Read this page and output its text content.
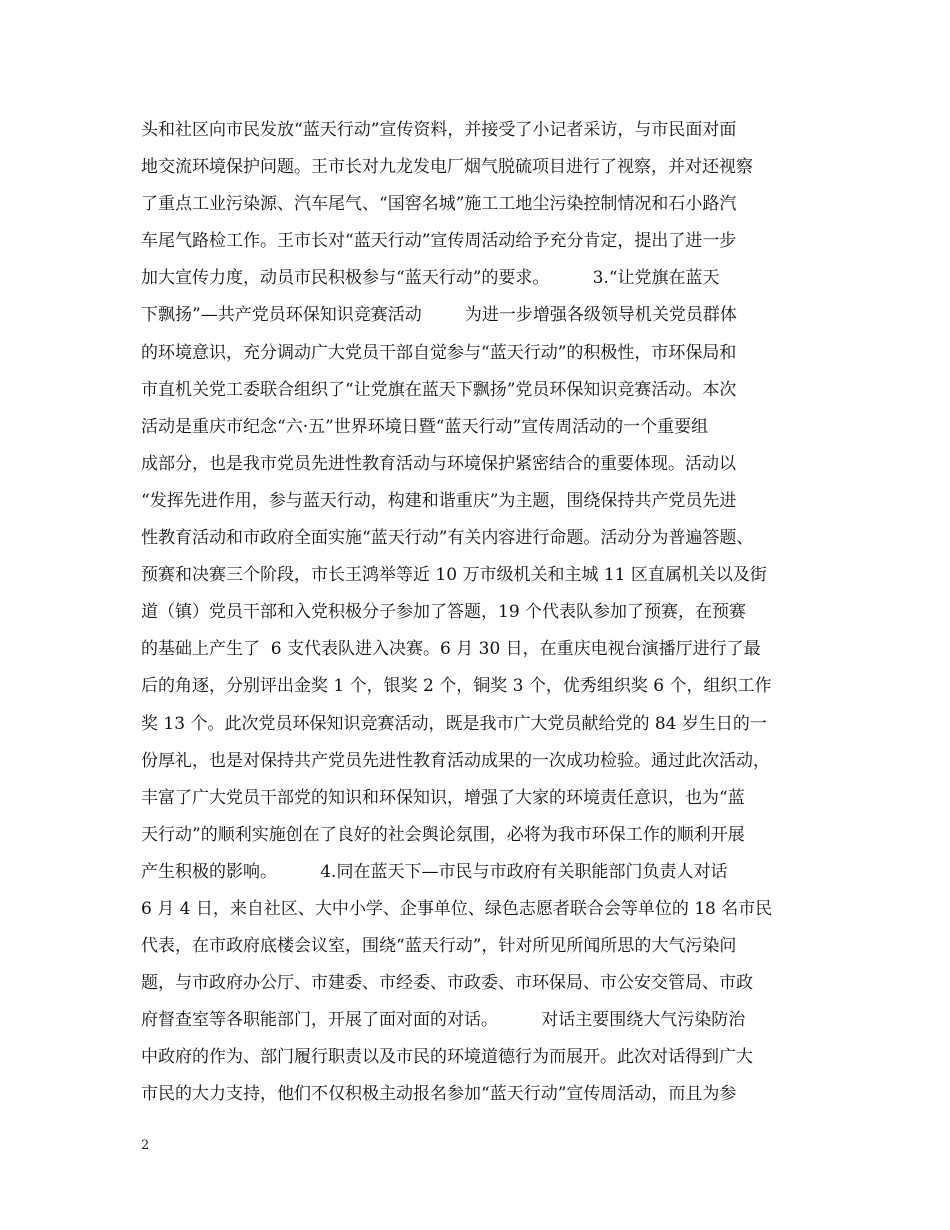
头和社区向市民发放“蓝天行动”宣传资料，并接受了小记者采访，与市民面对面
地交流环境保护问题。王市长对九龙发电厂烟气脱硫项目进行了视察，并对还视察
了重点工业污染源、汽车尾气、“国窖名城”施工工地尘污染控制情况和石小路汽
车尾气路检工作。王市长对“蓝天行动”宣传周活动给予充分肯定，提出了进一步
加大宣传力度，动员市民积极参与“蓝天行动”的要求。        3.“让党旗在蓝天
下飘扬”—共产党员环保知识竞赛活动        为进一步增强各级领导机关党员群体
的环境意识，充分调动广大党员干部自觉参与“蓝天行动”的积极性，市环保局和
市直机关党工委联合组织了“让党旗在蓝天下飘扬”党员环保知识竞赛活动。本次
活动是重庆市纪念“六·五”世界环境日暨“蓝天行动”宣传周活动的一个重要组
成部分，也是我市党员先进性教育活动与环境保护紧密结合的重要体现。活动以
“发挥先进作用，参与蓝天行动，构建和谐重庆”为主题，围绕保持共产党员先进
性教育活动和市政府全面实施“蓝天行动”有关内容进行命题。活动分为普遍答题、
预赛和决赛三个阶段，市长王鸿举等近 10 万市级机关和主城 11 区直属机关以及街
道（镇）党员干部和入党积极分子参加了答题，19 个代表队参加了预赛，在预赛
的基础上产生了  6 支代表队进入决赛。6 月 30 日，在重庆电视台演播厅进行了最
后的角逐，分别评出金奖 1 个，银奖 2 个，铜奖 3 个，优秀组织奖 6 个，组织工作
奖 13 个。此次党员环保知识竞赛活动，既是我市广大党员献给党的 84 岁生日的一
份厚礼，也是对保持共产党员先进性教育活动成果的一次成功检验。通过此次活动，
丰富了广大党员干部党的知识和环保知识，增强了大家的环境责任意识，也为“蓝
天行动”的顺利实施创在了良好的社会舆论氛围，必将为我市环保工作的顺利开展
产生积极的影响。        4.同在蓝天下—市民与市政府有关职能部门负责人对话
6 月 4 日，来自社区、大中小学、企事单位、绿色志愿者联合会等单位的 18 名市民
代表，在市政府底楼会议室，围绕“蓝天行动”，针对所见所闻所思的大气污染问
题，与市政府办公厅、市建委、市经委、市政委、市环保局、市公安交管局、市政
府督查室等各职能部门，开展了面对面的对话。        对话主要围绕大气污染防治
中政府的作为、部门履行职责以及市民的环境道德行为而展开。此次对话得到广大
市民的大力支持，他们不仅积极主动报名参加“蓝天行动”宣传周活动，而且为参
2
